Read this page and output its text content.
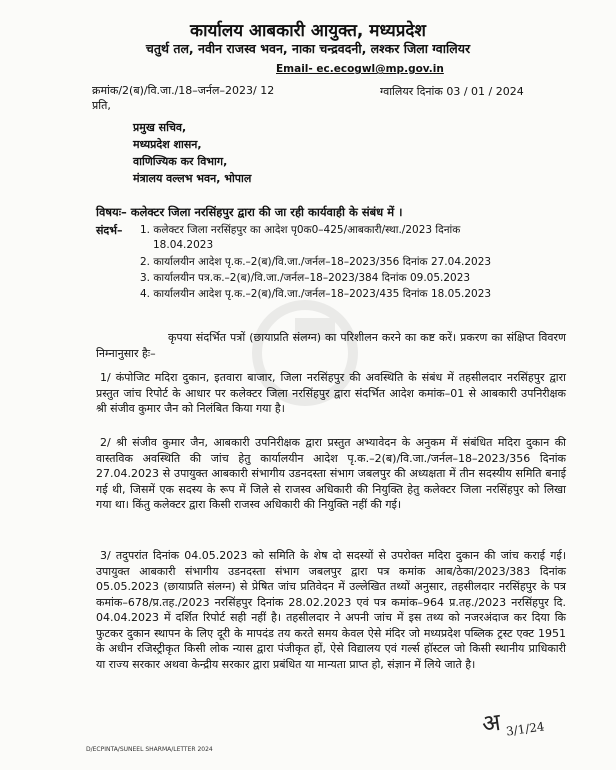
कार्यालय आबकारी आयुक्त, मध्यप्रदेश
चतुर्थ तल, नवीन राजस्व भवन, नाका चन्द्रवदनी, लश्कर जिला ग्वालियर
Email- ec.ecogwl@mp.gov.in
क्रमांक/2(ब)/वि.जा./18–जर्नल–2023/ 12	ग्वालियर दिनांक 03 / 01 / 2024
प्रति,
प्रमुख सचिव,
मध्यप्रदेश शासन,
वाणिज्यिक कर विभाग,
मंत्रालय वल्लभ भवन, भोपाल
विषयः– कलेक्टर जिला नरसिंहपुर द्वारा की जा रही कार्यवाही के संबंध में ।
संदर्भ– 1. कलेक्टर जिला नरसिंहपुर का आदेश पृ0क0–425/आबकारी/स्था./2023 दिनांक
18.04.2023
2. कार्यालयीन आदेश पृ.क.–2(ब)/वि.जा./जर्नल–18–2023/356 दिनांक 27.04.2023
3. कार्यालयीन पत्र.क.–2(ब)/वि.जा./जर्नल–18–2023/384 दिनांक 09.05.2023
4. कार्यालयीन आदेश पृ.क.–2(ब)/वि.जा./जर्नल–18–2023/435 दिनांक 18.05.2023
कृपया संदर्भित पत्रों (छायाप्रति संलग्न) का परिशीलन करने का कष्ट करें। प्रकरण का संक्षिप्त विवरण निम्नानुसार हैः–
1/ कंपोजिट मदिरा दुकान, इतवारा बाजार, जिला नरसिंहपुर की अवस्थिति के संबंध में तहसीलदार नरसिंहपुर द्वारा प्रस्तुत जांच रिपोर्ट के आधार पर कलेक्टर जिला नरसिंहपुर द्वारा संदर्भित आदेश कमांक–01 से आबकारी उपनिरीक्षक श्री संजीव कुमार जैन को निलंबित किया गया है।
2/ श्री संजीव कुमार जैन, आबकारी उपनिरीक्षक द्वारा प्रस्तुत अभ्यावेदन के अनुकम में संबंधित मदिरा दुकान की वास्तविक अवस्थिति की जांच हेतु कार्यालयीन आदेश पृ.क.–2(ब)/वि.जा./जर्नल–18–2023/356 दिनांक 27.04.2023 से उपायुक्त आबकारी संभागीय उडनदस्ता संभाग जबलपुर की अध्यक्षता में तीन सदस्यीय समिति बनाई गई थी, जिसमें एक सदस्य के रूप में जिले से राजस्व अधिकारी की नियुक्ति हेतु कलेक्टर जिला नरसिंहपुर को लिखा गया था। किंतु कलेक्टर द्वारा किसी राजस्व अधिकारी की नियुक्ति नहीं की गई।
3/ तदुपरांत दिनांक 04.05.2023 को समिति के शेष दो सदस्यों से उपरोक्त मदिरा दुकान की जांच कराई गई। उपायुक्त आबकारी संभागीय उडनदस्ता संभाग जबलपुर द्वारा पत्र कमांक आब/ठेका/2023/383 दिनांक 05.05.2023 (छायाप्रति संलग्न) से प्रेषित जांच प्रतिवेदन में उल्लेखित तथ्यों अनुसार, तहसीलदार नरसिंहपुर के पत्र कमांक–678/प्र.तह./2023 नरसिंहपुर दिनांक 28.02.2023 एवं पत्र कमांक–964 प्र.तह./2023 नरसिंहपुर दि. 04.04.2023 में दर्शित रिपोर्ट सही नहीं है। तहसीलदार ने अपनी जांच में इस तथ्य को नजरअंदाज कर दिया कि फुटकर दुकान स्थापन के लिए दूरी के मापदंड तय करते समय केवल ऐसे मंदिर जो मध्यप्रदेश पब्लिक ट्रस्ट एक्ट 1951 के अधीन रजिस्ट्रीकृत किसी लोक न्यास द्वारा पंजीकृत हों, ऐसे विद्यालय एवं गर्ल्स हॉस्टल जो किसी स्थानीय प्राधिकारी या राज्य सरकार अथवा केन्द्रीय सरकार द्वारा प्रबंधित या मान्यता प्राप्त हो, संज्ञान में लिये जाते है।
अ 3/1/24
D/ECPINTA/SUNEEL SHARMA/LETTER 2024
